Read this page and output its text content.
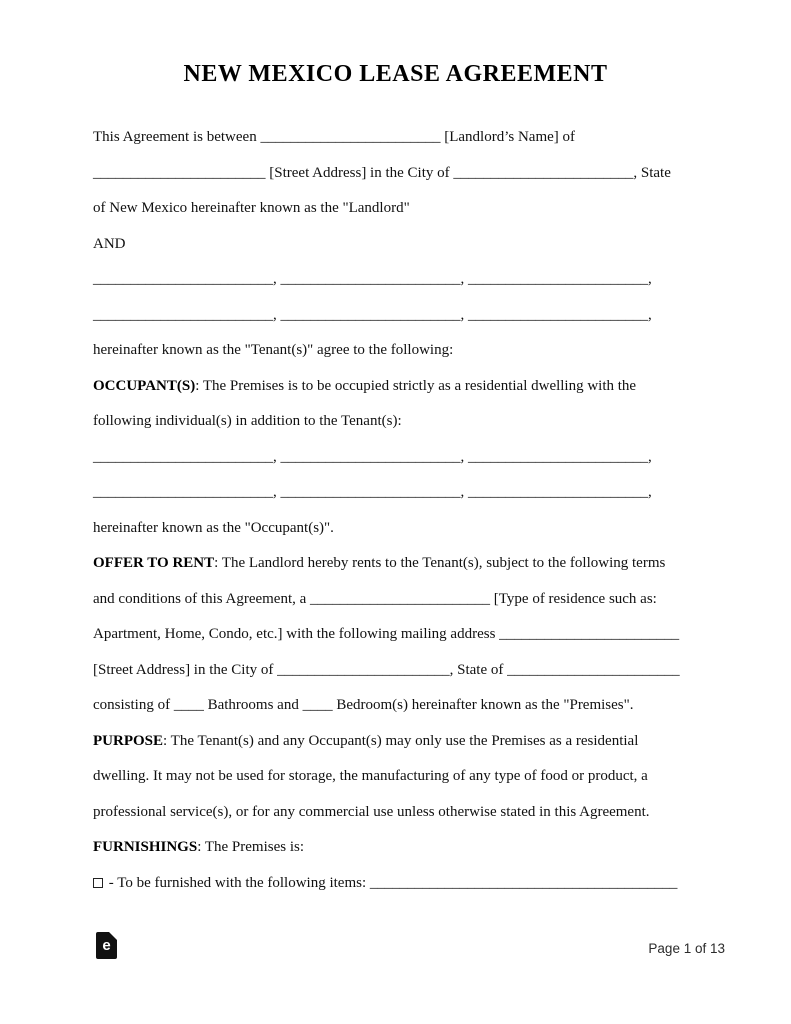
NEW MEXICO LEASE AGREEMENT
This Agreement is between ________________________ [Landlord’s Name] of
_______________________ [Street Address] in the City of ________________________, State
of New Mexico hereinafter known as the "Landlord"
AND
________________________, ________________________, ________________________,
________________________, ________________________, ________________________,
hereinafter known as the "Tenant(s)" agree to the following:
OCCUPANT(S): The Premises is to be occupied strictly as a residential dwelling with the
following individual(s) in addition to the Tenant(s):
________________________, ________________________, ________________________,
________________________, ________________________, ________________________,
hereinafter known as the "Occupant(s)".
OFFER TO RENT: The Landlord hereby rents to the Tenant(s), subject to the following terms
and conditions of this Agreement, a ________________________ [Type of residence such as:
Apartment, Home, Condo, etc.] with the following mailing address ________________________
[Street Address] in the City of _______________________, State of _______________________
consisting of ____ Bathrooms and ____ Bedroom(s) hereinafter known as the "Premises".
PURPOSE: The Tenant(s) and any Occupant(s) may only use the Premises as a residential
dwelling. It may not be used for storage, the manufacturing of any type of food or product, a
professional service(s), or for any commercial use unless otherwise stated in this Agreement.
FURNISHINGS: The Premises is:
- To be furnished with the following items: _________________________________________
e	Page 1 of 13
